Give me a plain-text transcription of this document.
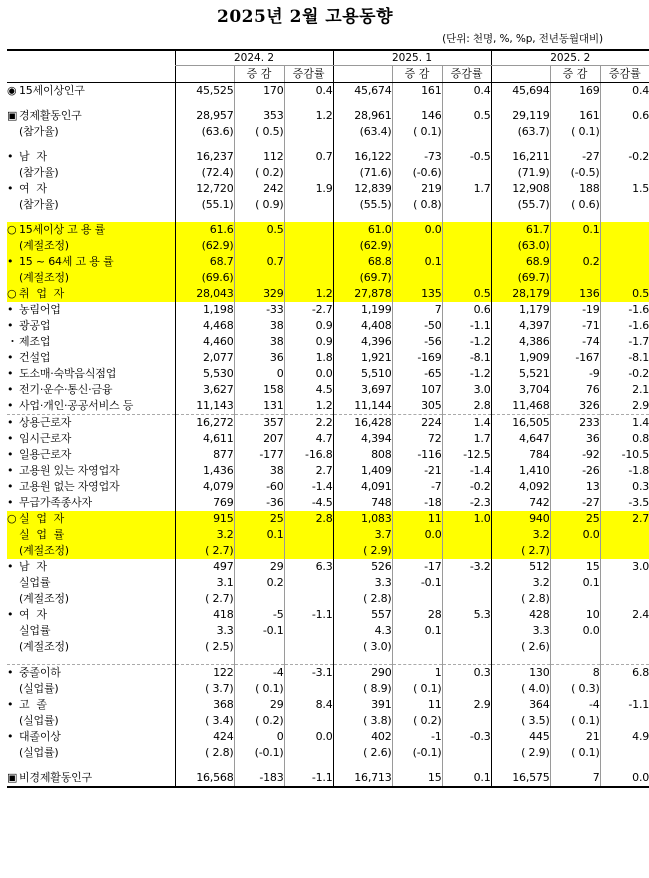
2025년 2월 고용동향
(단위: 천명, %, %p, 전년동월대비)
	2024. 2			2025. 1			2025. 2		
		증 감	증감률		증 감	증감률		증 감	증감률
◉ 15세이상인구	45,525	170	0.4	45,674	161	0.4	45,694	169	0.4

▣ 경제활동인구	28,957	353	1.2	28,961	146	0.5	29,119	161	0.6
(참가율)	(63.6)	( 0.5)		(63.4)	( 0.1)		(63.7)	( 0.1)	

• 남 자	16,237	112	0.7	16,122	-73	-0.5	16,211	-27	-0.2
(참가율)	(72.4)	( 0.2)		(71.6)	(-0.6)		(71.9)	(-0.5)	
• 여 자	12,720	242	1.9	12,839	219	1.7	12,908	188	1.5
(참가율)	(55.1)	( 0.9)		(55.5)	( 0.8)		(55.7)	( 0.6)	

○ 15세이상 고 용 률	61.6	0.5		61.0	0.0		61.7	0.1	
(계절조정)	(62.9)			(62.9)			(63.0)		
• 15 ~ 64세 고 용 률	68.7	0.7		68.8	0.1		68.9	0.2	
(계절조정)	(69.6)			(69.7)			(69.7)		
○ 취 업 자	28,043	329	1.2	27,878	135	0.5	28,179	136	0.5
• 농림어업	1,198	-33	-2.7	1,199	7	0.6	1,179	-19	-1.6
• 광공업	4,468	38	0.9	4,408	-50	-1.1	4,397	-71	-1.6
・제조업	4,460	38	0.9	4,396	-56	-1.2	4,386	-74	-1.7
• 건설업	2,077	36	1.8	1,921	-169	-8.1	1,909	-167	-8.1
• 도소매·숙박음식점업	5,530	0	0.0	5,510	-65	-1.2	5,521	-9	-0.2
• 전기·운수·통신·금융	3,627	158	4.5	3,697	107	3.0	3,704	76	2.1
• 사업·개인·공공서비스 등	11,143	131	1.2	11,144	305	2.8	11,468	326	2.9
• 상용근로자	16,272	357	2.2	16,428	224	1.4	16,505	233	1.4
• 임시근로자	4,611	207	4.7	4,394	72	1.7	4,647	36	0.8
• 일용근로자	877	-177	-16.8	808	-116	-12.5	784	-92	-10.5
• 고용원 있는 자영업자	1,436	38	2.7	1,409	-21	-1.4	1,410	-26	-1.8
• 고용원 없는 자영업자	4,079	-60	-1.4	4,091	-7	-0.2	4,092	13	0.3
• 무급가족종사자	769	-36	-4.5	748	-18	-2.3	742	-27	-3.5
○ 실 업 자	915	25	2.8	1,083	11	1.0	940	25	2.7
실 업 률	3.2	0.1		3.7	0.0		3.2	0.0	
(계절조정)	( 2.7)			( 2.9)			( 2.7)		
• 남 자	497	29	6.3	526	-17	-3.2	512	15	3.0
실업률	3.1	0.2		3.3	-0.1		3.2	0.1	
(계절조정)	( 2.7)			( 2.8)			( 2.8)		
• 여 자	418	-5	-1.1	557	28	5.3	428	10	2.4
실업률	3.3	-0.1		4.3	0.1		3.3	0.0	
(계절조정)	( 2.5)			( 3.0)			( 2.6)		

• 중졸이하	122	-4	-3.1	290	1	0.3	130	8	6.8
(실업률)	( 3.7)	( 0.1)		( 8.9)	( 0.1)		( 4.0)	( 0.3)	
• 고 졸	368	29	8.4	391	11	2.9	364	-4	-1.1
(실업률)	( 3.4)	( 0.2)		( 3.8)	( 0.2)		( 3.5)	( 0.1)	
• 대졸이상	424	0	0.0	402	-1	-0.3	445	21	4.9
(실업률)	( 2.8)	(-0.1)		( 2.6)	(-0.1)		( 2.9)	( 0.1)	

▣ 비경제활동인구	16,568	-183	-1.1	16,713	15	0.1	16,575	7	0.0
